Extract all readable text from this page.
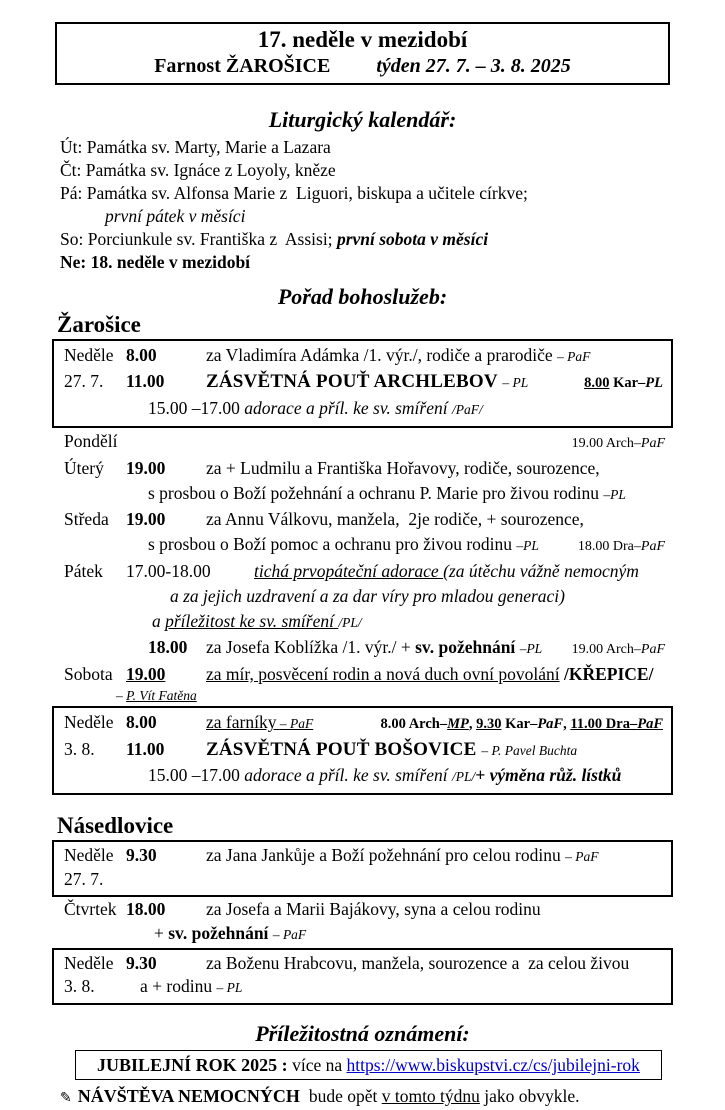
17. neděle v mezidobí
Farnost ŽAROŠICE týden 27. 7. – 3. 8. 2025
Liturgický kalendář:
Út: Památka sv. Marty, Marie a Lazara
Čt: Památka sv. Ignáce z Loyoly, kněze
Pá: Památka sv. Alfonsa Marie z  Liguori, biskupa a učitele církve;
první pátek v měsíci
So: Porciunkule sv. Františka z  Assisi; první sobota v měsíci
Ne: 18. neděle v mezidobí
Pořad bohoslužeb:
Žarošice
Neděle 8.00	za Vladimíra Adámka /1. výr./, rodiče a prarodiče – PaF
27. 7.	11.00	ZÁSVĚTNÁ POUŤ ARCHLEBOV – PL	8.00 Kar–PL
15.00 –17.00 adorace a příl. ke sv. smíření /PaF/
Pondělí	19.00 Arch–PaF
Úterý	19.00	za + Ludmilu a Františka Hořavovy, rodiče, sourozence,
s prosbou o Boží požehnání a ochranu P. Marie pro živou rodinu –PL
Středa 19.00	za Annu Válkovu, manžela,  2je rodiče, + sourozence,
s prosbou o Boží pomoc a ochranu pro živou rodinu –PL	18.00 Dra–PaF
Pátek	17.00-18.00 tichá prvopáteční adorace (za útěchu vážně nemocným
a za jejich uzdravení a za dar víry pro mladou generaci)
a příležitost ke sv. smíření /PL/
18.00	za Josefa Koblížka /1. výr./ + sv. požehnání –PL 19.00 Arch–PaF
Sobota 19.00	za mír, posvěcení rodin a nová duch ovní povolání /KŘEPICE/
– P. Vít Fatěna
Neděle 8.00	za farníky – PaF	8.00 Arch–MP, 9.30 Kar–PaF, 11.00 Dra–PaF
3. 8.	11.00	ZÁSVĚTNÁ POUŤ BOŠOVICE – P. Pavel Buchta
15.00 –17.00 adorace a příl. ke sv. smíření /PL/+ výměna růž. lístků
Násedlovice
Neděle 9.30	za Jana Jankůje a Boží požehnání pro celou rodinu – PaF
27. 7.
Čtvrtek 18.00	za Josefa a Marii Bajákovy, syna a celou rodinu
+ sv. požehnání – PaF
Neděle 9.30	za Boženu Hrabcovu, manžela, sourozence a  za celou živou
3. 8.	a + rodinu – PL
Příležitostná oznámení:
JUBILEJNÍ ROK 2025 : více na https://www.biskupstvi.cz/cs/jubilejni-rok
✎ NÁVŠTĚVA NEMOCNÝCH  bude opět v tomto týdnu jako obvykle.
